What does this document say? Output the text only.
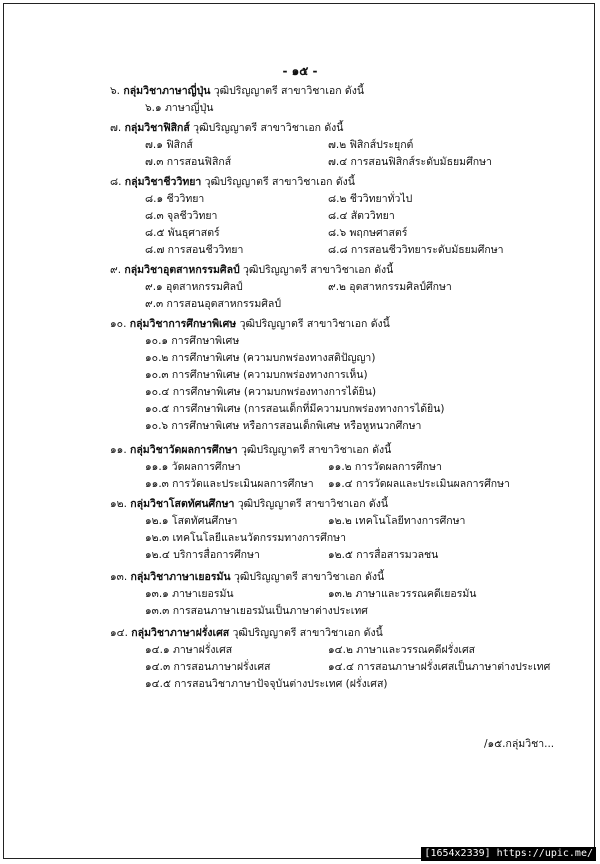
- ๑๕ -
๖. กลุ่มวิชาภาษาญี่ปุ่น วุฒิปริญญาตรี สาขาวิชาเอก ดังนี้
๖.๑ ภาษาญี่ปุ่น
๗. กลุ่มวิชาฟิสิกส์ วุฒิปริญญาตรี สาขาวิชาเอก ดังนี้
๗.๑ ฟิสิกส์	๗.๒ ฟิสิกส์ประยุกต์
๗.๓ การสอนฟิสิกส์	๗.๔ การสอนฟิสิกส์ระดับมัธยมศึกษา
๘. กลุ่มวิชาชีววิทยา วุฒิปริญญาตรี สาขาวิชาเอก ดังนี้
๘.๑ ชีววิทยา	๘.๒ ชีววิทยาทั่วไป
๘.๓ จุลชีววิทยา	๘.๔ สัตววิทยา
๘.๕ พันธุศาสตร์	๘.๖ พฤกษศาสตร์
๘.๗ การสอนชีววิทยา	๘.๘ การสอนชีววิทยาระดับมัธยมศึกษา
๙. กลุ่มวิชาอุตสาหกรรมศิลป์ วุฒิปริญญาตรี สาขาวิชาเอก ดังนี้
๙.๑ อุตสาหกรรมศิลป์	๙.๒ อุตสาหกรรมศิลป์ศึกษา
๙.๓ การสอนอุตสาหกรรมศิลป์
๑๐. กลุ่มวิชาการศึกษาพิเศษ วุฒิปริญญาตรี สาขาวิชาเอก ดังนี้
๑๐.๑ การศึกษาพิเศษ
๑๐.๒ การศึกษาพิเศษ (ความบกพร่องทางสติปัญญา)
๑๐.๓ การศึกษาพิเศษ (ความบกพร่องทางการเห็น)
๑๐.๔ การศึกษาพิเศษ (ความบกพร่องทางการได้ยิน)
๑๐.๕ การศึกษาพิเศษ (การสอนเด็กที่มีความบกพร่องทางการได้ยิน)
๑๐.๖ การศึกษาพิเศษ หรือการสอนเด็กพิเศษ หรือหูหนวกศึกษา
๑๑. กลุ่มวิชาวัดผลการศึกษา วุฒิปริญญาตรี สาขาวิชาเอก ดังนี้
๑๑.๑ วัดผลการศึกษา	๑๑.๒ การวัดผลการศึกษา
๑๑.๓ การวัดและประเมินผลการศึกษา ๑๑.๔ การวัดผลและประเมินผลการศึกษา
๑๒. กลุ่มวิชาโสตทัศนศึกษา วุฒิปริญญาตรี สาขาวิชาเอก ดังนี้
๑๒.๑ โสตทัศนศึกษา	๑๒.๒ เทคโนโลยีทางการศึกษา
๑๒.๓ เทคโนโลยีและนวัตกรรมทางการศึกษา
๑๒.๔ บริการสื่อการศึกษา	๑๒.๕ การสื่อสารมวลชน
๑๓. กลุ่มวิชาภาษาเยอรมัน วุฒิปริญญาตรี สาขาวิชาเอก ดังนี้
๑๓.๑ ภาษาเยอรมัน	๑๓.๒ ภาษาและวรรณคดีเยอรมัน
๑๓.๓ การสอนภาษาเยอรมันเป็นภาษาต่างประเทศ
๑๔. กลุ่มวิชาภาษาฝรั่งเศส วุฒิปริญญาตรี สาขาวิชาเอก ดังนี้
๑๔.๑ ภาษาฝรั่งเศส	๑๔.๒ ภาษาและวรรณคดีฝรั่งเศส
๑๔.๓ การสอนภาษาฝรั่งเศส	๑๔.๔ การสอนภาษาฝรั่งเศสเป็นภาษาต่างประเทศ
๑๔.๕ การสอนวิชาภาษาปัจจุบันต่างประเทศ (ฝรั่งเศส)
/๑๕.กลุ่มวิชา...
[1654x2339] https://upic.me/
